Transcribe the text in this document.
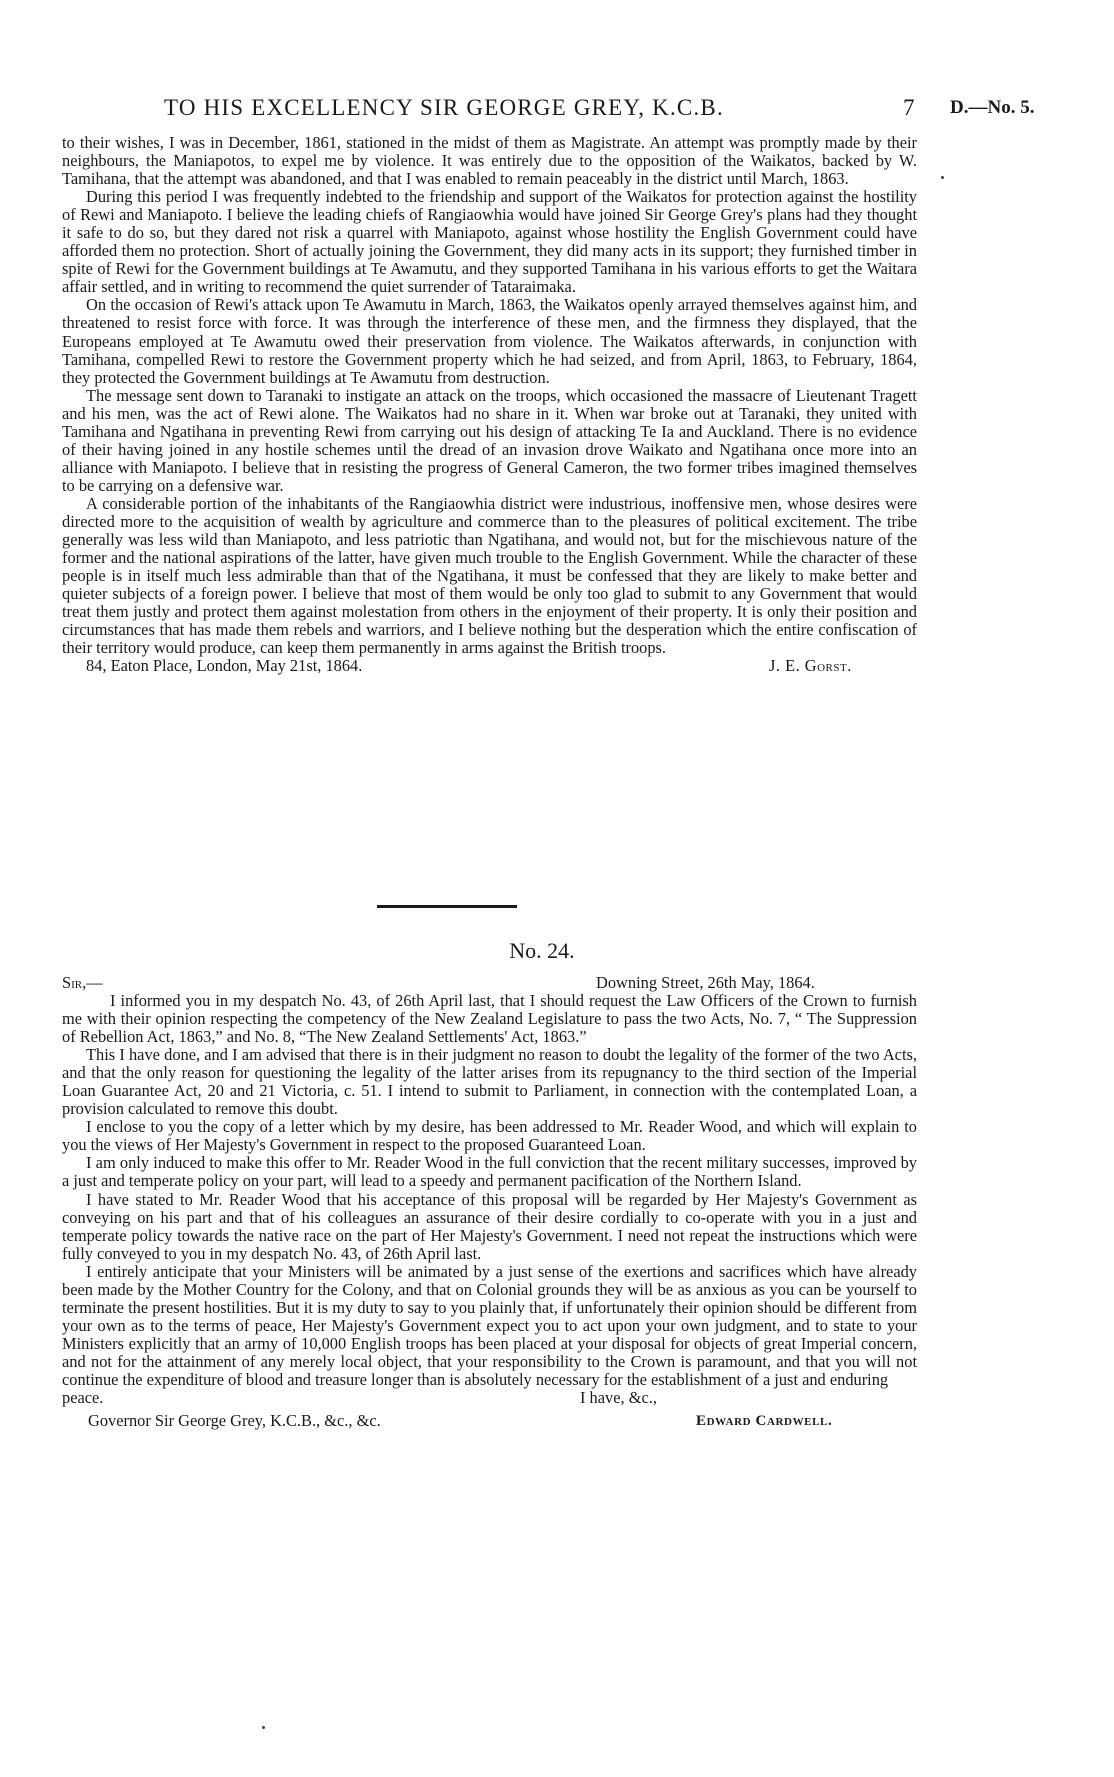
TO HIS EXCELLENCY SIR GEORGE GREY, K.C.B.	7 D.—No. 5.

to their wishes, I was in December, 1861, stationed in the midst of them as Magistrate. An attempt was promptly made by their neighbours, the Maniapotos, to expel me by violence. It was entirely due to the opposition of the Waikatos, backed by W. Tamihana, that the attempt was abandoned, and that I was enabled to remain peaceably in the district until March, 1863.

During this period I was frequently indebted to the friendship and support of the Waikatos for protection against the hostility of Rewi and Maniapoto. I believe the leading chiefs of Rangiaowhia would have joined Sir George Grey's plans had they thought it safe to do so, but they dared not risk a quarrel with Maniapoto, against whose hostility the English Government could have afforded them no protection. Short of actually joining the Government, they did many acts in its support; they furnished timber in spite of Rewi for the Government buildings at Te Awamutu, and they supported Tamihana in his various efforts to get the Waitara affair settled, and in writing to recommend the quiet surrender of Tataraimaka.

On the occasion of Rewi's attack upon Te Awamutu in March, 1863, the Waikatos openly arrayed themselves against him, and threatened to resist force with force. It was through the interference of these men, and the firmness they displayed, that the Europeans employed at Te Awamutu owed their preservation from violence. The Waikatos afterwards, in conjunction with Tamihana, compelled Rewi to restore the Government property which he had seized, and from April, 1863, to February, 1864, they protected the Government buildings at Te Awamutu from destruction.

The message sent down to Taranaki to instigate an attack on the troops, which occasioned the massacre of Lieutenant Tragett and his men, was the act of Rewi alone. The Waikatos had no share in it. When war broke out at Taranaki, they united with Tamihana and Ngatihana in preventing Rewi from carrying out his design of attacking Te Ia and Auckland. There is no evidence of their having joined in any hostile schemes until the dread of an invasion drove Waikato and Ngatihana once more into an alliance with Maniapoto. I believe that in resisting the progress of General Cameron, the two former tribes imagined themselves to be carrying on a defensive war.

A considerable portion of the inhabitants of the Rangiaowhia district were industrious, inoffensive men, whose desires were directed more to the acquisition of wealth by agriculture and commerce than to the pleasures of political excitement. The tribe generally was less wild than Maniapoto, and less patriotic than Ngatihana, and would not, but for the mischievous nature of the former and the national aspirations of the latter, have given much trouble to the English Government. While the character of these people is in itself much less admirable than that of the Ngatihana, it must be confessed that they are likely to make better and quieter subjects of a foreign power. I believe that most of them would be only too glad to submit to any Government that would treat them justly and protect them against molestation from others in the enjoyment of their property. It is only their position and circumstances that has made them rebels and warriors, and I believe nothing but the desperation which the entire confiscation of their territory would produce, can keep them permanently in arms against the British troops.

84, Eaton Place, London, May 21st, 1864.	J. E. Gorst.
No. 24.
Sir,—	Downing Street, 26th May, 1864.

I informed you in my despatch No. 43, of 26th April last, that I should request the Law Officers of the Crown to furnish me with their opinion respecting the competency of the New Zealand Legislature to pass the two Acts, No. 7, “ The Suppression of Rebellion Act, 1863,” and No. 8, “The New Zealand Settlements' Act, 1863.”

This I have done, and I am advised that there is in their judgment no reason to doubt the legality of the former of the two Acts, and that the only reason for questioning the legality of the latter arises from its repugnancy to the third section of the Imperial Loan Guarantee Act, 20 and 21 Victoria, c. 51. I intend to submit to Parliament, in connection with the contemplated Loan, a provision calculated to remove this doubt.

I enclose to you the copy of a letter which by my desire, has been addressed to Mr. Reader Wood, and which will explain to you the views of Her Majesty's Government in respect to the proposed Guaranteed Loan.

I am only induced to make this offer to Mr. Reader Wood in the full conviction that the recent military successes, improved by a just and temperate policy on your part, will lead to a speedy and permanent pacification of the Northern Island.

I have stated to Mr. Reader Wood that his acceptance of this proposal will be regarded by Her Majesty's Government as conveying on his part and that of his colleagues an assurance of their desire cordially to co-operate with you in a just and temperate policy towards the native race on the part of Her Majesty's Government. I need not repeat the instructions which were fully conveyed to you in my despatch No. 43, of 26th April last.

I entirely anticipate that your Ministers will be animated by a just sense of the exertions and sacrifices which have already been made by the Mother Country for the Colony, and that on Colonial grounds they will be as anxious as you can be yourself to terminate the present hostilities. But it is my duty to say to you plainly that, if unfortunately their opinion should be different from your own as to the terms of peace, Her Majesty's Government expect you to act upon your own judgment, and to state to your Ministers explicitly that an army of 10,000 English troops has been placed at your disposal for objects of great Imperial concern, and not for the attainment of any merely local object, that your responsibility to the Crown is paramount, and that you will not continue the expenditure of blood and treasure longer than is absolutely necessary for the establishment of a just and enduring

peace.	I have, &c.,
Governor Sir George Grey, K.C.B., &c., &c.	Edward Cardwell.
